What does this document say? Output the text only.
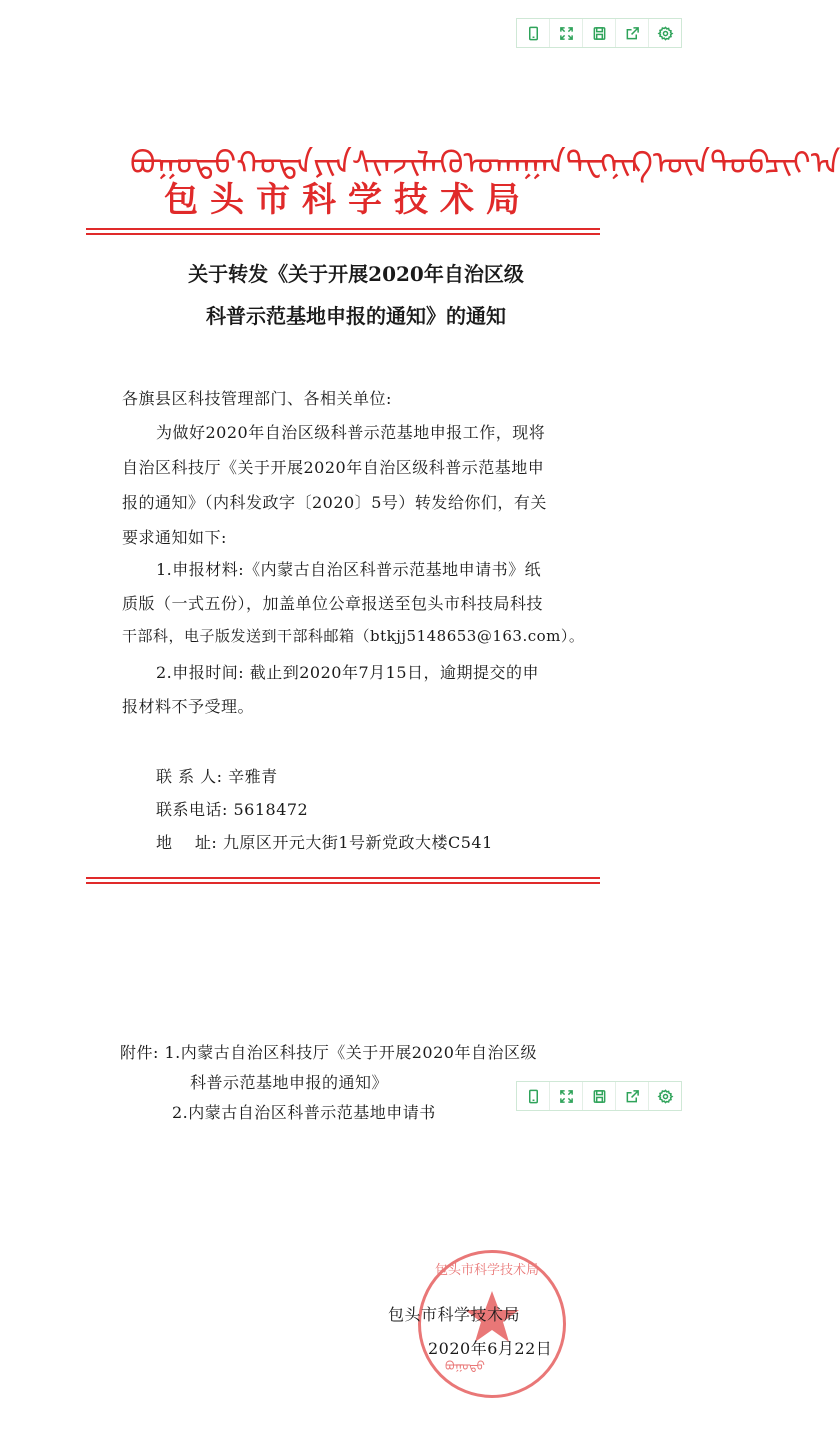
ᠪᠤᠭᠤᠲᠤ ᠬᠣᠲᠠ ᠶᠢᠨ ᠰᠢᠨᠵᠢᠯᠡᠬᠦ ᠤᠬᠠᠭᠠᠨ ᠲᠧᠬᠨᠢᠺ ᠦᠨ ᠲᠣᠪᠴᠢᠶ᠎ᠠ
包头市科学技术局
关于转发《关于开展2020年自治区级
科普示范基地申报的通知》的通知
各旗县区科技管理部门、各相关单位:
为做好2020年自治区级科普示范基地申报工作，现将
自治区科技厅《关于开展2020年自治区级科普示范基地申
报的通知》（内科发政字〔2020〕5号）转发给你们，有关
要求通知如下:
1.申报材料:《内蒙古自治区科普示范基地申请书》纸
质版（一式五份），加盖单位公章报送至包头市科技局科技
干部科，电子版发送到干部科邮箱（btkjj5148653@163.com）。
2.申报时间: 截止到2020年7月15日，逾期提交的申
报材料不予受理。
联 系 人: 辛雅青
联系电话: 5618472
地    址: 九原区开元大街1号新党政大楼C541
附件: 1.内蒙古自治区科技厅《关于开展2020年自治区级
科普示范基地申报的通知》
2.内蒙古自治区科普示范基地申请书
包头市科学技术局
ᠪᠤᠭᠤᠲᠤ
包头市科学技术局
2020年6月22日
